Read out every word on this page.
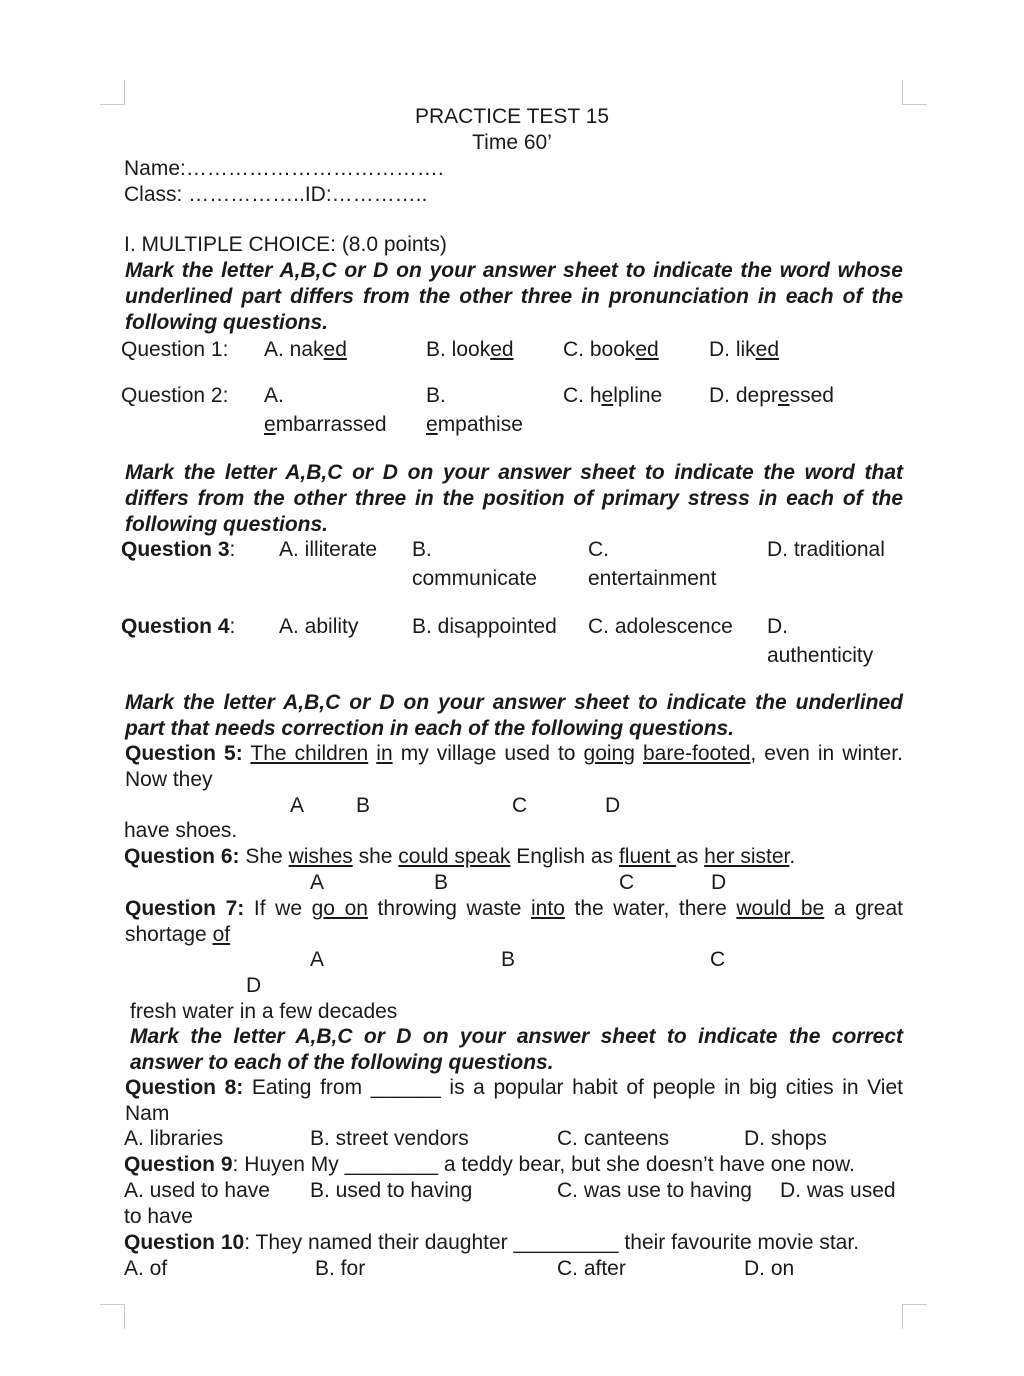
PRACTICE TEST 15
Time 60’
Name:……………………………….
Class: ……………..ID:…………..
I. MULTIPLE CHOICE: (8.0 points)
Mark the letter A,B,C or D on your answer sheet to indicate the word whose underlined part differs from the other three in pronunciation in each of the following questions.
Question 1: A. naked	B. looked C. booked D. liked
Question 2: A.
embarrassed
B.
empathise
C. helpline D. depressed
Mark the letter A,B,C or D on your answer sheet to indicate the word that differs from the other three in the position of primary stress in each of the following questions.
Question 3: A. illiterate B.
communicate
C.
entertainment
D. traditional
Question 4: A. ability	B. disappointed C. adolescence D.
authenticity
Mark the letter A,B,C or D on your answer sheet to indicate the underlined part that needs correction in each of the following questions.
Question 5: The children in my village used to going bare-footed, even in winter. Now they
A B	C	D
have shoes.
Question 6: She wishes she could speak English as fluent as her sister.
A	B	C	D
Question 7: If we go on throwing waste into the water, there would be a great shortage of
A	B	C
D
fresh water in a few decades
Mark the letter A,B,C or D on your answer sheet to indicate the correct answer to each of the following questions.
Question 8: Eating from ______ is a popular habit of people in big cities in Viet Nam
A. libraries	B. street vendors	C. canteens	D. shops
Question 9: Huyen My ________ a teddy bear, but she doesn’t have one now.
A. used to have B. used to having	C. was use to having D. was used
to have
Question 10: They named their daughter _________ their favourite movie star.
A. of	B. for	C. after	D. on
